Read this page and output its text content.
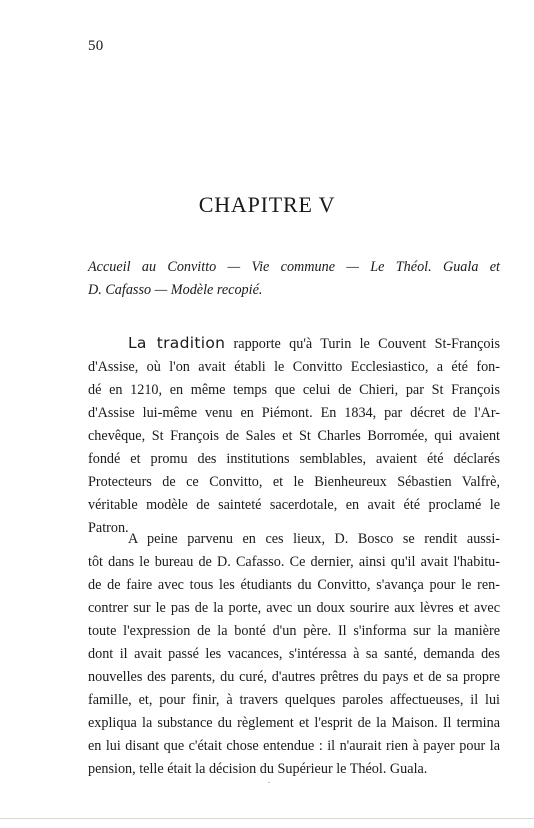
50
CHAPITRE V
Accueil au Convitto — Vie commune — Le Théol. Guala et
D. Cafasso — Modèle recopié.
La tradition rapporte qu'à Turin le Couvent St-François
d'Assise, où l'on avait établi le Convitto Ecclesiastico, a été fon-
dé en 1210, en même temps que celui de Chieri, par St François
d'Assise lui-même venu en Piémont. En 1834, par décret de l'Ar-
chevêque, St François de Sales et St Charles Borromée, qui avaient
fondé et promu des institutions semblables, avaient été déclarés
Protecteurs de ce Convitto, et le Bienheureux Sébastien Valfrè,
véritable modèle de sainteté sacerdotale, en avait été proclamé le
Patron.
A peine parvenu en ces lieux, D. Bosco se rendit aussi-
tôt dans le bureau de D. Cafasso. Ce dernier, ainsi qu'il avait l'habitu-
de de faire avec tous les étudiants du Convitto, s'avança pour le ren-
contrer sur le pas de la porte, avec un doux sourire aux lèvres et avec
toute l'expression de la bonté d'un père. Il s'informa sur la manière
dont il avait passé les vacances, s'intéressa à sa santé, demanda des
nouvelles des parents, du curé, d'autres prêtres du pays et de sa propre
famille, et, pour finir, à travers quelques paroles affectueuses, il lui
expliqua la substance du règlement et l'esprit de la Maison. Il termina
en lui disant que c'était chose entendue : il n'aurait rien à payer pour la
pension, telle était la décision du Supérieur le Théol. Guala.
